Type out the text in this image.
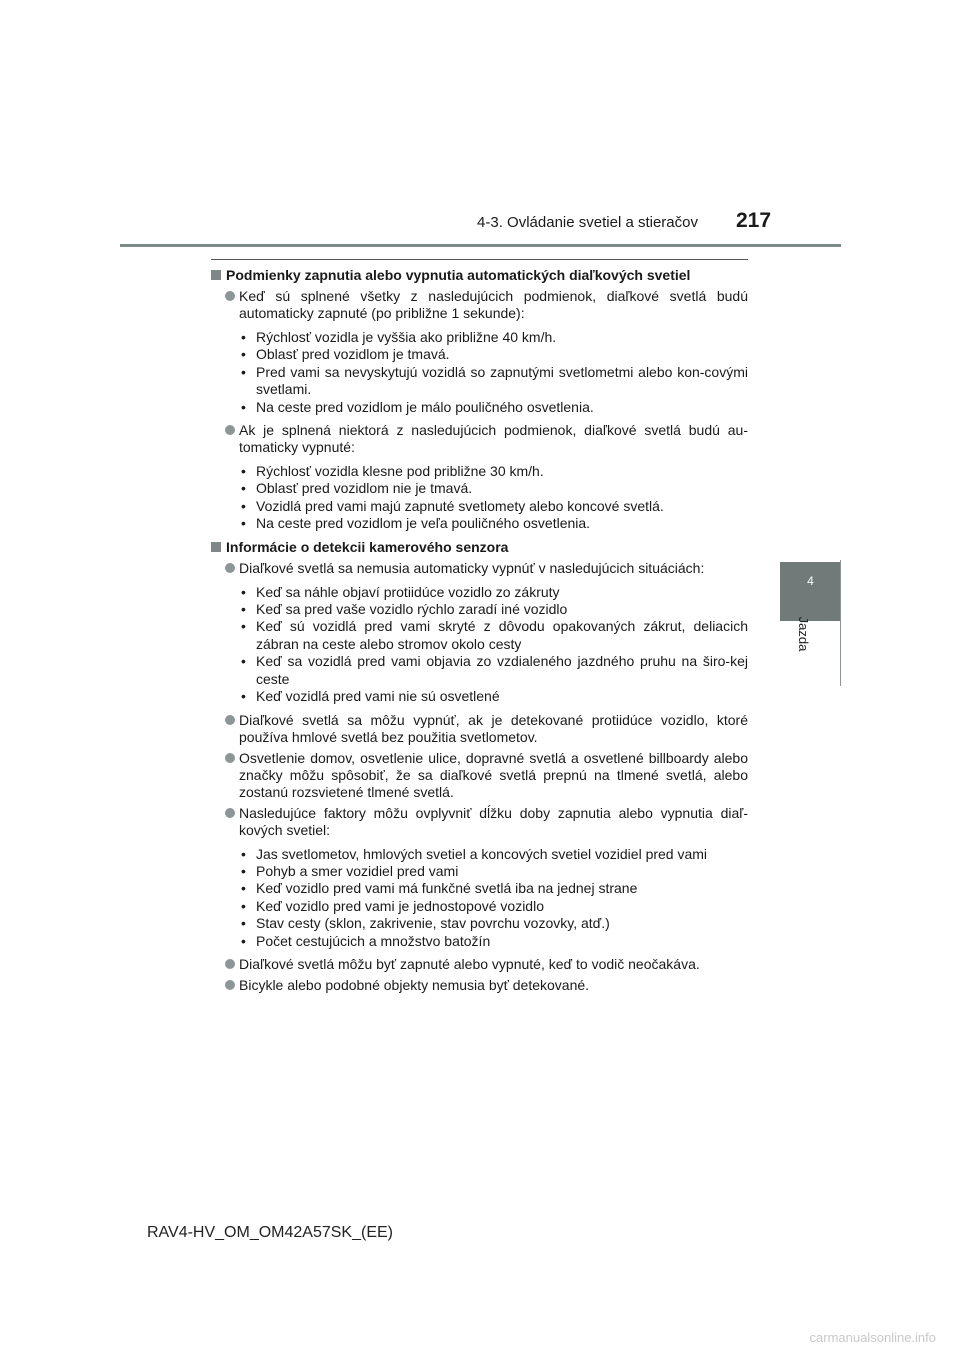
4-3. Ovládanie svetiel a stieračov 217
4
Jazda
Podmienky zapnutia alebo vypnutia automatických diaľkových svetiel
Keď sú splnené všetky z nasledujúcich podmienok, diaľkové svetlá budú automaticky zapnuté (po približne 1 sekunde):
• Rýchlosť vozidla je vyššia ako približne 40 km/h.
• Oblasť pred vozidlom je tmavá.
• Pred vami sa nevyskytujú vozidlá so zapnutými svetlometmi alebo kon-covými svetlami.
• Na ceste pred vozidlom je málo pouličného osvetlenia.
Ak je splnená niektorá z nasledujúcich podmienok, diaľkové svetlá budú au-tomaticky vypnuté:
• Rýchlosť vozidla klesne pod približne 30 km/h.
• Oblasť pred vozidlom nie je tmavá.
• Vozidlá pred vami majú zapnuté svetlomety alebo koncové svetlá.
• Na ceste pred vozidlom je veľa pouličného osvetlenia.
Informácie o detekcii kamerového senzora
Diaľkové svetlá sa nemusia automaticky vypnúť v nasledujúcich situáciách:
• Keď sa náhle objaví protiidúce vozidlo zo zákruty
• Keď sa pred vaše vozidlo rýchlo zaradí iné vozidlo
• Keď sú vozidlá pred vami skryté z dôvodu opakovaných zákrut, deliacich zábran na ceste alebo stromov okolo cesty
• Keď sa vozidlá pred vami objavia zo vzdialeného jazdného pruhu na širo-kej ceste
• Keď vozidlá pred vami nie sú osvetlené
Diaľkové svetlá sa môžu vypnúť, ak je detekované protiidúce vozidlo, ktoré používa hmlové svetlá bez použitia svetlometov.
Osvetlenie domov, osvetlenie ulice, dopravné svetlá a osvetlené billboardy alebo značky môžu spôsobiť, že sa diaľkové svetlá prepnú na tlmené svetlá, alebo zostanú rozsvietené tlmené svetlá.
Nasledujúce faktory môžu ovplyvniť dĺžku doby zapnutia alebo vypnutia diaľ-kových svetiel:
• Jas svetlometov, hmlových svetiel a koncových svetiel vozidiel pred vami
• Pohyb a smer vozidiel pred vami
• Keď vozidlo pred vami má funkčné svetlá iba na jednej strane
• Keď vozidlo pred vami je jednostopové vozidlo
• Stav cesty (sklon, zakrivenie, stav povrchu vozovky, atď.)
• Počet cestujúcich a množstvo batožín
Diaľkové svetlá môžu byť zapnuté alebo vypnuté, keď to vodič neočakáva.
Bicykle alebo podobné objekty nemusia byť detekované.
RAV4-HV_OM_OM42A57SK_(EE)
carmanualsonline.info
